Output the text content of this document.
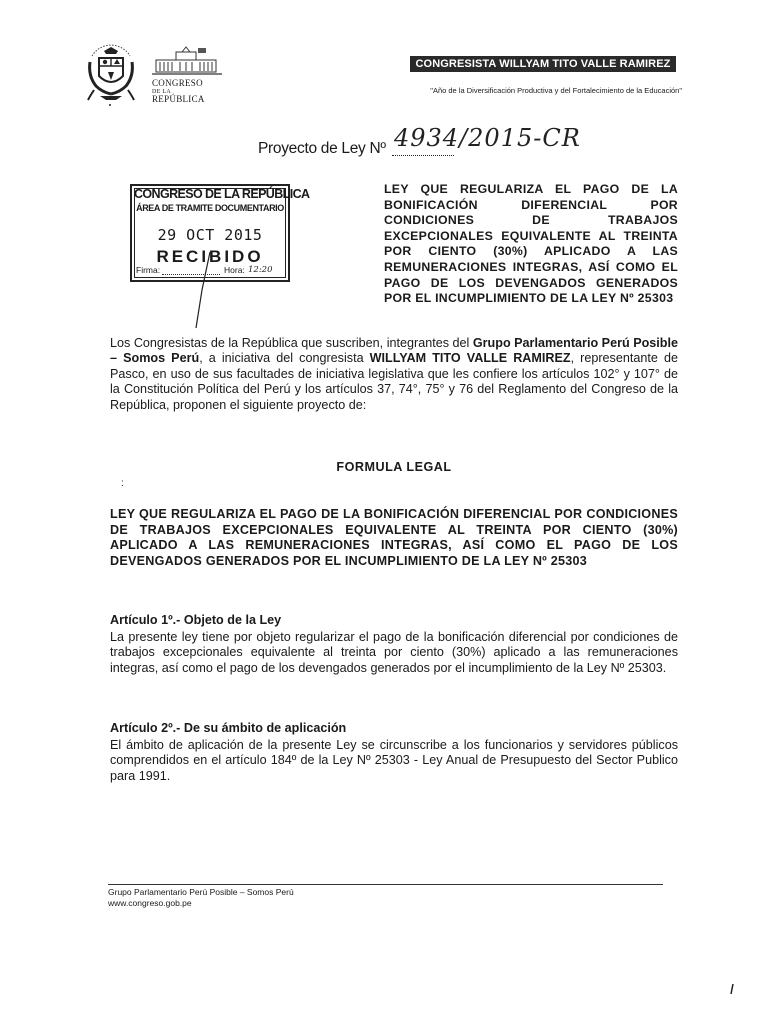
CONGRESO
DE LA
REPÚBLICA
CONGRESISTA WILLYAM TITO VALLE RAMIREZ
"Año de la Diversificación Productiva y del Fortalecimiento de la Educación"
Proyecto de Ley Nº 4934/2015-CR
CONGRESO DE LA REPÚBLICA
ÁREA DE TRAMITE DOCUMENTARIO
29 OCT 2015
RECIBIDO
Firma:	Hora: 12:20
LEY QUE REGULARIZA EL PAGO DE LA BONIFICACIÓN DIFERENCIAL POR CONDICIONES DE TRABAJOS EXCEPCIONALES EQUIVALENTE AL TREINTA POR CIENTO (30%) APLICADO A LAS REMUNERACIONES INTEGRAS, ASÍ COMO EL PAGO DE LOS DEVENGADOS GENERADOS POR EL INCUMPLIMIENTO DE LA LEY Nº 25303
Los Congresistas de la República que suscriben, integrantes del Grupo Parlamentario Perú Posible – Somos Perú, a iniciativa del congresista WILLYAM TITO VALLE RAMIREZ, representante de Pasco, en uso de sus facultades de iniciativa legislativa que les confiere los artículos 102° y 107° de la Constitución Política del Perú y los artículos 37, 74°, 75° y 76 del Reglamento del Congreso de la República, proponen el siguiente proyecto de:
FORMULA LEGAL
:
LEY QUE REGULARIZA EL PAGO DE LA BONIFICACIÓN DIFERENCIAL POR CONDICIONES DE TRABAJOS EXCEPCIONALES EQUIVALENTE AL TREINTA POR CIENTO (30%) APLICADO A LAS REMUNERACIONES INTEGRAS, ASÍ COMO EL PAGO DE LOS DEVENGADOS GENERADOS POR EL INCUMPLIMIENTO DE LA LEY Nº 25303
Artículo 1º.- Objeto de la Ley
La presente ley tiene por objeto regularizar el pago de la bonificación diferencial por condiciones de trabajos excepcionales equivalente al treinta por ciento (30%) aplicado a las remuneraciones integras, así como el pago de los devengados generados por el incumplimiento de la Ley Nº 25303.
Artículo 2º.- De su ámbito de aplicación
El ámbito de aplicación de la presente Ley se circunscribe a los funcionarios y servidores públicos comprendidos en el artículo 184º de la Ley Nº 25303 - Ley Anual de Presupuesto del Sector Publico para 1991.
Grupo Parlamentario Perú Posible – Somos Perú
www.congreso.gob.pe
